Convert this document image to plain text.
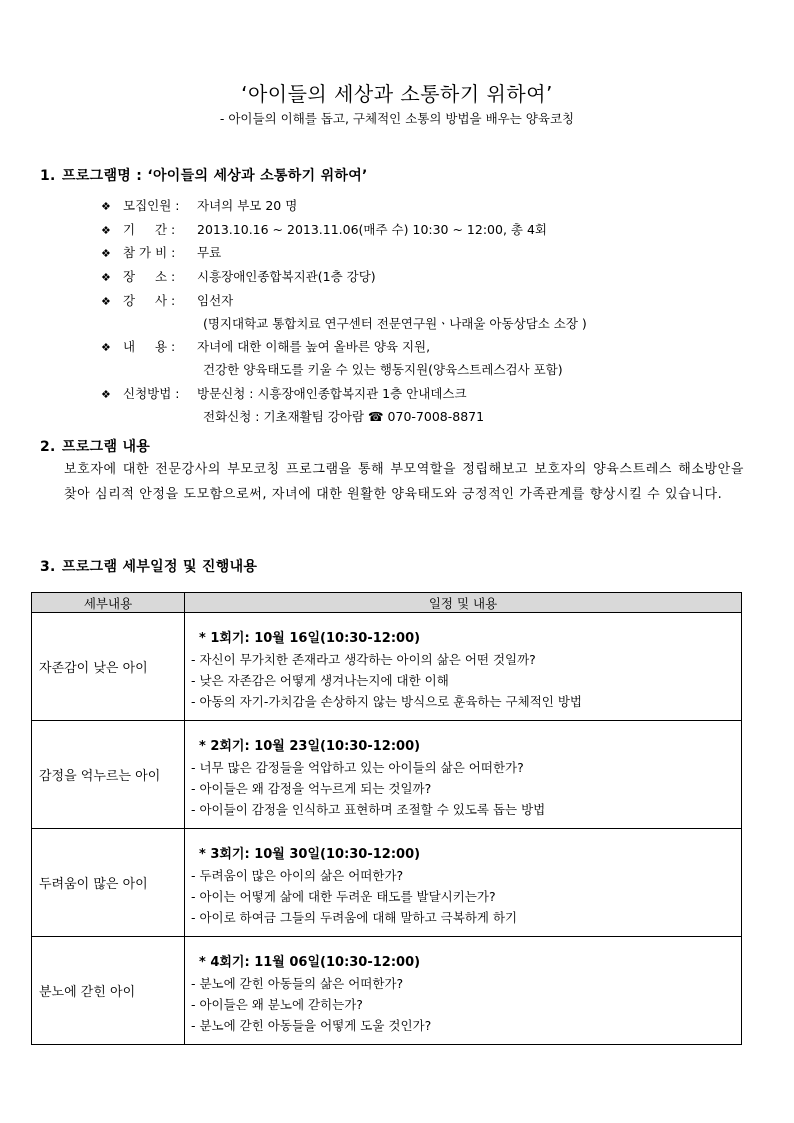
‘아이들의 세상과 소통하기 위하여’
- 아이들의 이해를 돕고, 구체적인 소통의 방법을 배우는 양육코칭
1. 프로그램명 : ‘아이들의 세상과 소통하기 위하여’
❖ 모집인원 : 자녀의 부모 20 명
❖ 기     간 : 2013.10.16 ~ 2013.11.06(매주 수) 10:30 ~ 12:00, 총 4회
❖ 참 가 비 : 무료
❖ 장     소 : 시흥장애인종합복지관(1층 강당)
❖ 강     사 : 임선자
(명지대학교 통합치료 연구센터 전문연구원ㆍ나래울 아동상담소 소장 )
❖ 내     용 : 자녀에 대한 이해를 높여 올바른 양육 지원,
건강한 양육태도를 키울 수 있는 행동지원(양육스트레스검사 포함)
❖ 신청방법 : 방문신청 : 시흥장애인종합복지관 1층 안내데스크
전화신청 : 기초재활팀 강아람 ☎ 070-7008-8871
2. 프로그램 내용
보호자에 대한 전문강사의 부모코칭 프로그램을 통해 부모역할을 정립해보고 보호자의 양육스트레스 해소방안을 찾아 심리적 안정을 도모함으로써, 자녀에 대한 원활한 양육태도와 긍정적인 가족관계를 향상시킬 수 있습니다.
3. 프로그램 세부일정 및 진행내용
세부내용	일정 및 내용
자존감이 낮은 아이	* 1회기: 10월 16일(10:30-12:00)
- 자신이 무가치한 존재라고 생각하는 아이의 삶은 어떤 것일까?
- 낮은 자존감은 어떻게 생겨나는지에 대한 이해
- 아동의 자기-가치감을 손상하지 않는 방식으로 훈육하는 구체적인 방법

감정을 억누르는 아이	* 2회기: 10월 23일(10:30-12:00)
- 너무 많은 감정들을 억압하고 있는 아이들의 삶은 어떠한가?
- 아이들은 왜 감정을 억누르게 되는 것일까?
- 아이들이 감정을 인식하고 표현하며 조절할 수 있도록 돕는 방법

두려움이 많은 아이	* 3회기: 10월 30일(10:30-12:00)
- 두려움이 많은 아이의 삶은 어떠한가?
- 아이는 어떻게 삶에 대한 두려운 태도를 발달시키는가?
- 아이로 하여금 그들의 두려움에 대해 말하고 극복하게 하기

분노에 갇힌 아이	* 4회기: 11월 06일(10:30-12:00)
- 분노에 갇힌 아동들의 삶은 어떠한가?
- 아이들은 왜 분노에 갇히는가?
- 분노에 갇힌 아동들을 어떻게 도울 것인가?
